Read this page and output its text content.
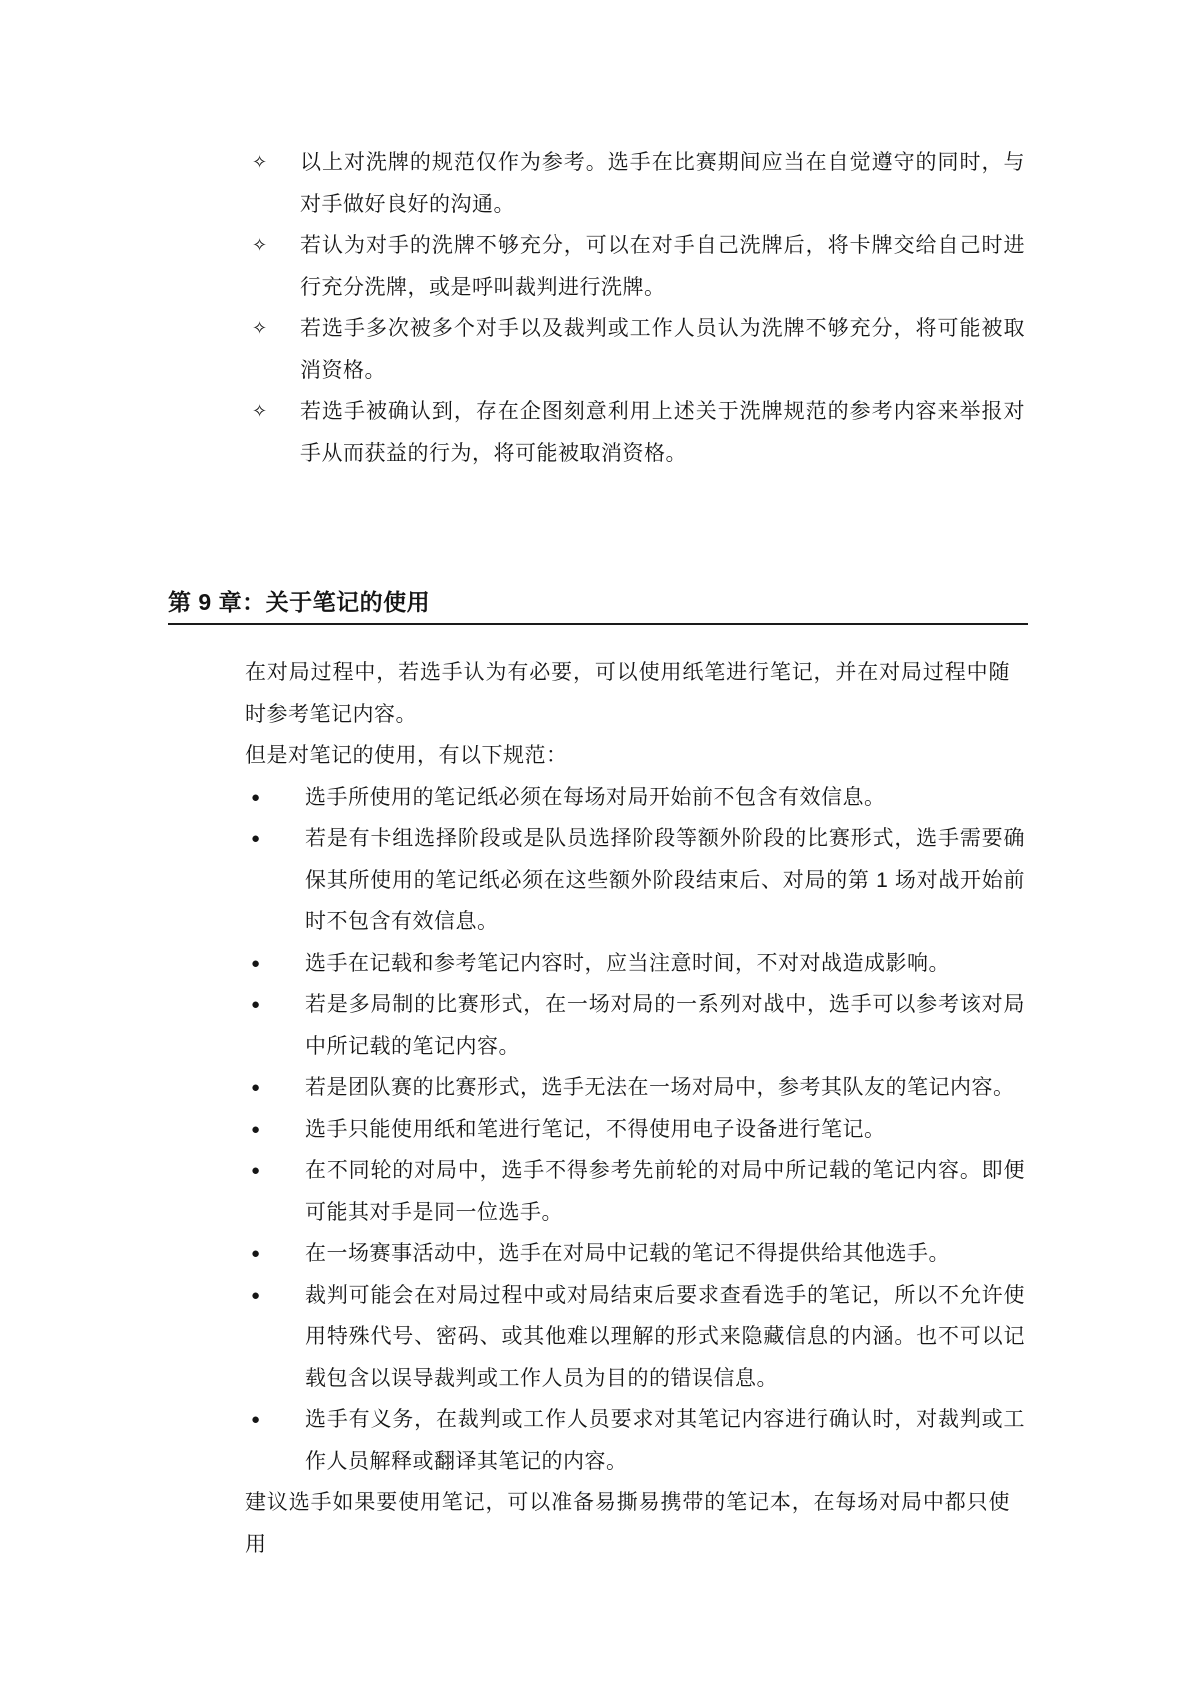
✧	以上对洗牌的规范仅作为参考。选手在比赛期间应当在自觉遵守的同时，与对手做好良好的沟通。
✧	若认为对手的洗牌不够充分，可以在对手自己洗牌后，将卡牌交给自己时进行充分洗牌，或是呼叫裁判进行洗牌。
✧	若选手多次被多个对手以及裁判或工作人员认为洗牌不够充分，将可能被取消资格。
✧	若选手被确认到，存在企图刻意利用上述关于洗牌规范的参考内容来举报对手从而获益的行为，将可能被取消资格。
第 9 章：关于笔记的使用

在对局过程中，若选手认为有必要，可以使用纸笔进行笔记，并在对局过程中随时参考笔记内容。

但是对笔记的使用，有以下规范：

●	选手所使用的笔记纸必须在每场对局开始前不包含有效信息。
●	若是有卡组选择阶段或是队员选择阶段等额外阶段的比赛形式，选手需要确保其所使用的笔记纸必须在这些额外阶段结束后、对局的第 1 场对战开始前时不包含有效信息。
●	选手在记载和参考笔记内容时，应当注意时间，不对对战造成影响。
●	若是多局制的比赛形式，在一场对局的一系列对战中，选手可以参考该对局中所记载的笔记内容。
●	若是团队赛的比赛形式，选手无法在一场对局中，参考其队友的笔记内容。
●	选手只能使用纸和笔进行笔记，不得使用电子设备进行笔记。
●	在不同轮的对局中，选手不得参考先前轮的对局中所记载的笔记内容。即便可能其对手是同一位选手。
●	在一场赛事活动中，选手在对局中记载的笔记不得提供给其他选手。
●	裁判可能会在对局过程中或对局结束后要求查看选手的笔记，所以不允许使用特殊代号、密码、或其他难以理解的形式来隐藏信息的内涵。也不可以记载包含以误导裁判或工作人员为目的的错误信息。
●	选手有义务，在裁判或工作人员要求对其笔记内容进行确认时，对裁判或工作人员解释或翻译其笔记的内容。

建议选手如果要使用笔记，可以准备易撕易携带的笔记本，在每场对局中都只使用
